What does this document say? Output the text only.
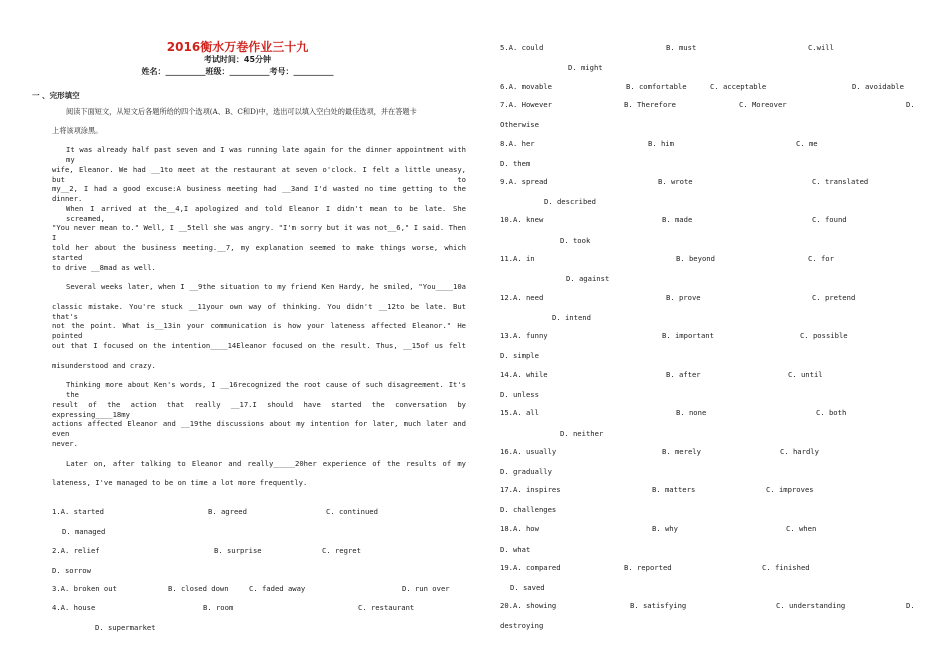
2016衡水万卷作业三十九
考试时间：45分钟
姓名：__________班级：__________考号：__________
一 、完形填空
阅读下面短文，从短文后各题所给的四个选项(A、B、C和D)中，选出可以填入空白处的最佳选项，并在答题卡
上将该项涂黑。
It was already half past seven and I was running late again for the dinner appointment with my
wife, Eleanor. We had __1to meet at the restaurant at seven o'clock. I felt a little uneasy, but to
my__2, I had a good excuse:A business meeting had __3and I'd wasted no time getting to the dinner.
When I arrived at the__4,I apologized and told Eleanor I didn't mean to be late. She screamed,
"You never mean to." Well, I __5tell she was angry. "I'm sorry but it was not__6," I said. Then I
told her about the business meeting.__7, my explanation seemed to make things worse, which started
to drive __8mad as well.
Several weeks later, when I __9the situation to my friend Ken Hardy, he smiled, "You____10a
classic mistake. You're stuck __11your own way of thinking. You didn't __12to be late. But that's
not the point. What is__13in your communication is how your lateness affected Eleanor." He pointed
out that I focused on the intention____14Eleanor focused on the result. Thus, __15of us felt
misunderstood and crazy.
Thinking more about Ken's words, I __16recognized the root cause of such disagreement. It's the
result of the action that really __17.I should have started the conversation by expressing____18my
actions affected Eleanor and __19the discussions about my intention for later, much later and even
never.
Later on, after talking to Eleanor and really_____20her experience of the results of my
lateness, I've managed to be on time a lot more frequently.
1.A. started	B. agreed	C. continued
D. managed
2.A. relief	B. surprise	C. regret
D. sorrow
3.A. broken out	B. closed down	C. faded away	D. run over
4.A. house	B. room	C. restaurant
D. supermarket
5.A. could	B. must	C.will
D. might
6.A. movable	B. comfortable	C. acceptable	D. avoidable
7.A. However	B. Therefore	C. Moreover	D.
Otherwise
8.A. her	B. him	C. me
D. them
9.A. spread	B. wrote	C. translated
D. described
10.A. knew	B. made	C. found
D. took
11.A. in	B. beyond	C. for
D. against
12.A. need	B. prove	C. pretend
D. intend
13.A. funny	B. important	C. possible
D. simple
14.A. while	B. after	C. until
D. unless
15.A. all	B. none	C. both
D. neither
16.A. usually	B. merely	C. hardly
D. gradually
17.A. inspires	B. matters	C. improves
D. challenges
18.A. how	B. why	C. when
D. what
19.A. compared	B. reported	C. finished
D. saved
20.A. showing	B. satisfying	C. understanding	D.
destroying
